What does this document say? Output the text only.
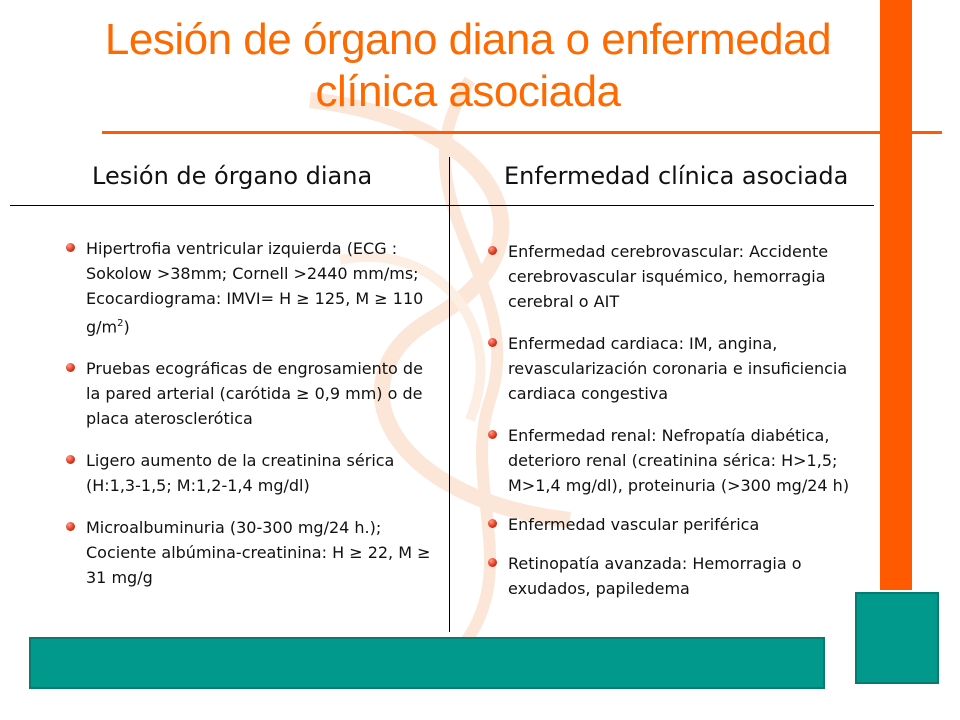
Lesión de órgano diana o enfermedad
clínica asociada
Lesión de órgano diana	Enfermedad clínica asociada
Hipertrofia ventricular izquierda (ECG : Sokolow >38mm; Cornell >2440 mm/ms; Ecocardiograma: IMVI= H ≥ 125, M ≥ 110 $g/m^2$)
Pruebas ecográficas de engrosamiento de la pared arterial (carótida ≥ 0,9 mm) o de placa aterosclerótica
Ligero aumento de la creatinina sérica (H:1,3-1,5; M:1,2-1,4 mg/dl)
Microalbuminuria (30-300 mg/24 h.); Cociente albúmina-creatinina: H ≥ 22, M ≥ 31 mg/g
Enfermedad cerebrovascular: Accidente cerebrovascular isquémico, hemorragia cerebral o AIT
Enfermedad cardiaca: IM, angina, revascularización coronaria e insuficiencia cardiaca congestiva
Enfermedad renal: Nefropatía diabética, deterioro renal (creatinina sérica: H>1,5; M>1,4 mg/dl), proteinuria (>300 mg/24 h)
Enfermedad vascular periférica
Retinopatía avanzada: Hemorragia o exudados, papiledema
